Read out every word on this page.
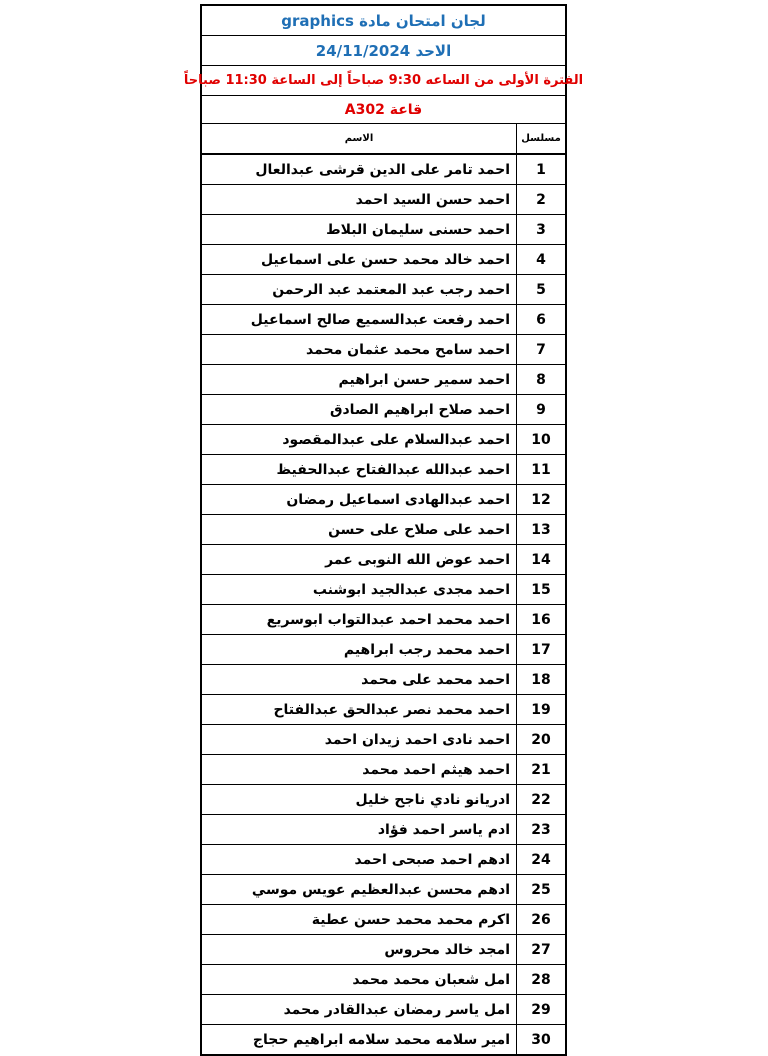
لجان امتحان مادة

graphics
الاحد

24/11/2024
الفترة الأولى من الساعه 9:30 صباحاً إلى الساعة 11:30 صباحاً
قاعة

A302
مسلسل
الاسم
1
احمد تامر على الدين قرشى عبدالعال
2
احمد حسن السيد احمد
3
احمد حسنى سليمان البلاط
4
احمد خالد محمد حسن على اسماعيل
5
احمد رجب عبد المعتمد عبد الرحمن
6
احمد رفعت عبدالسميع صالح اسماعيل
7
احمد سامح محمد عثمان محمد
8
احمد سمير حسن ابراهيم
9
احمد صلاح ابراهيم الصادق
10
احمد عبدالسلام على عبدالمقصود
11
احمد عبدالله عبدالفتاح عبدالحفيظ
12
احمد عبدالهادى اسماعيل رمضان
13
احمد على صلاح على حسن
14
احمد عوض الله النوبى عمر
15
احمد مجدى عبدالجيد ابوشنب
16
احمد محمد احمد عبدالتواب ابوسريع
17
احمد محمد رجب ابراهيم
18
احمد محمد على محمد
19
احمد محمد نصر عبدالحق عبدالفتاح
20
احمد نادى احمد زيدان احمد
21
احمد هيثم احمد محمد
22
ادريانو نادي ناجح خليل
23
ادم ياسر احمد فؤاد
24
ادهم احمد صبحى احمد
25
ادهم محسن عبدالعظيم عويس موسي
26
اكرم محمد محمد حسن عطية
27
امجد خالد محروس
28
امل شعبان محمد محمد
29
امل ياسر رمضان عبدالقادر محمد
30
امير سلامه محمد سلامه ابراهيم حجاج
